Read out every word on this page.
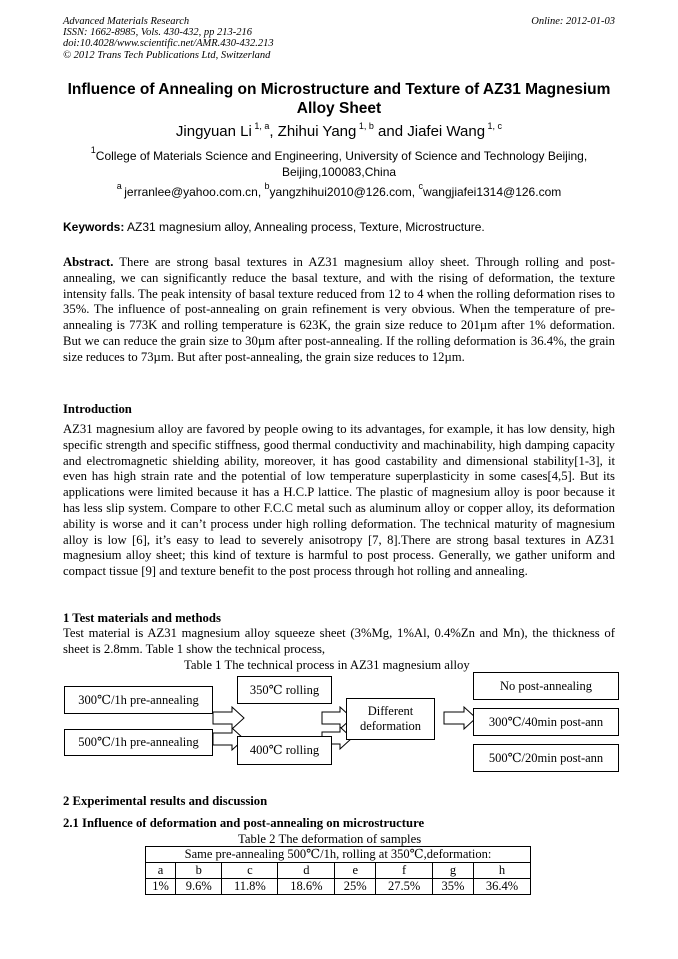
Advanced Materials Research
ISSN: 1662-8985, Vols. 430-432, pp 213-216
doi:10.4028/www.scientific.net/AMR.430-432.213
© 2012 Trans Tech Publications Ltd, Switzerland
Online: 2012-01-03
Influence of Annealing on Microstructure and Texture of AZ31 Magnesium Alloy Sheet
Jingyuan Li $^{1, a}$, Zhihui Yang $^{1, b}$ and Jiafei Wang $^{1, c}$
$^1$College of Materials Science and Engineering, University of Science and Technology Beijing, Beijing,100083,China
$^a$ jerranlee@yahoo.com.cn, $^b$yangzhihui2010@126.com, $^c$wangjiafei1314@126.com
Keywords: AZ31 magnesium alloy, Annealing process, Texture, Microstructure.
Abstract. There are strong basal textures in AZ31 magnesium alloy sheet. Through rolling and post-annealing, we can significantly reduce the basal texture, and with the rising of deformation, the texture intensity falls. The peak intensity of basal texture reduced from 12 to 4 when the rolling deformation rises to 35%. The influence of post-annealing on grain refinement is very obvious. When the temperature of pre-annealing is 773K and rolling temperature is 623K, the grain size reduce to 201µm after 1% deformation. But we can reduce the grain size to 30µm after post-annealing. If the rolling deformation is 36.4%, the grain size reduces to 73µm. But after post-annealing, the grain size reduces to 12µm.
Introduction
AZ31 magnesium alloy are favored by people owing to its advantages, for example, it has low density, high specific strength and specific stiffness, good thermal conductivity and machinability, high damping capacity and electromagnetic shielding ability, moreover, it has good castability and dimensional stability[1-3], it even has high strain rate and the potential of low temperature superplasticity in some cases[4,5]. But its applications were limited because it has a H.C.P lattice. The plastic of magnesium alloy is poor because it has less slip system. Compare to other F.C.C metal such as aluminum alloy or copper alloy, its deformation ability is worse and it can’t process under high rolling deformation. The technical maturity of magnesium alloy is low [6], it’s easy to lead to severely anisotropy [7, 8].There are strong basal textures in AZ31 magnesium alloy sheet; this kind of texture is harmful to post process. Generally, we gather uniform and compact tissue [9] and texture benefit to the post process through hot rolling and annealing.
1 Test materials and methods
Test material is AZ31 magnesium alloy squeeze sheet (3%Mg, 1%Al, 0.4%Zn and Mn), the thickness of sheet is 2.8mm. Table 1 show the technical process,
Table 1 The technical process in AZ31 magnesium alloy
300℃/1h pre-annealing
500℃/1h pre-annealing
350℃ rolling
400℃ rolling
Different deformation
No post-annealing
300℃/40min post-ann
500℃/20min post-ann
2 Experimental results and discussion
2.1 Influence of deformation and post-annealing on microstructure
Table 2 The deformation of samples
Same pre-annealing 500℃/1h, rolling at 350℃,deformation:							
a	b	c	d	e	f	g	h
1%	9.6%	11.8%	18.6%	25%	27.5%	35%	36.4%
